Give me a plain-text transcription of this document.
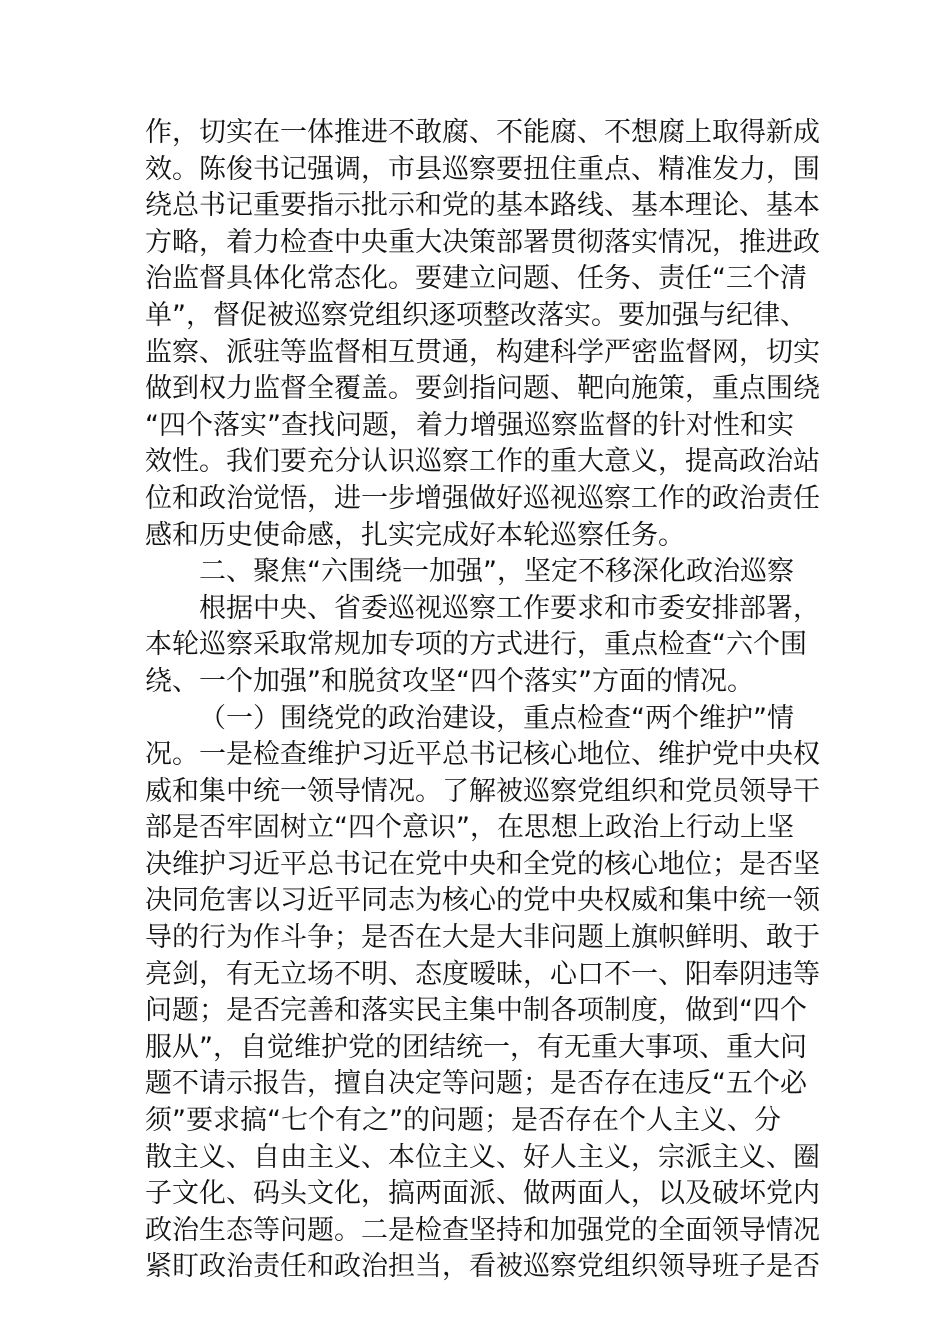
作，切实在一体推进不敢腐、不能腐、不想腐上取得新成
效。陈俊书记强调，市县巡察要扭住重点、精准发力，围
绕总书记重要指示批示和党的基本路线、基本理论、基本
方略，着力检查中央重大决策部署贯彻落实情况，推进政
治监督具体化常态化。要建立问题、任务、责任“三个清
单”，督促被巡察党组织逐项整改落实。要加强与纪律、
监察、派驻等监督相互贯通，构建科学严密监督网，切实
做到权力监督全覆盖。要剑指问题、靶向施策，重点围绕
“四个落实”查找问题，着力增强巡察监督的针对性和实
效性。我们要充分认识巡察工作的重大意义，提高政治站
位和政治觉悟，进一步增强做好巡视巡察工作的政治责任
感和历史使命感，扎实完成好本轮巡察任务。
二、聚焦“六围绕一加强”，坚定不移深化政治巡察
根据中央、省委巡视巡察工作要求和市委安排部署，
本轮巡察采取常规加专项的方式进行，重点检查“六个围
绕、一个加强”和脱贫攻坚“四个落实”方面的情况。
（一）围绕党的政治建设，重点检查“两个维护”情
况。一是检查维护习近平总书记核心地位、维护党中央权
威和集中统一领导情况。了解被巡察党组织和党员领导干
部是否牢固树立“四个意识”，在思想上政治上行动上坚
决维护习近平总书记在党中央和全党的核心地位；是否坚
决同危害以习近平同志为核心的党中央权威和集中统一领
导的行为作斗争；是否在大是大非问题上旗帜鲜明、敢于
亮剑，有无立场不明、态度暧昧，心口不一、阳奉阴违等
问题；是否完善和落实民主集中制各项制度，做到“四个
服从”，自觉维护党的团结统一，有无重大事项、重大问
题不请示报告，擅自决定等问题；是否存在违反“五个必
须”要求搞“七个有之”的问题；是否存在个人主义、分
散主义、自由主义、本位主义、好人主义，宗派主义、圈
子文化、码头文化，搞两面派、做两面人，以及破坏党内
政治生态等问题。二是检查坚持和加强党的全面领导情况
紧盯政治责任和政治担当，看被巡察党组织领导班子是否
